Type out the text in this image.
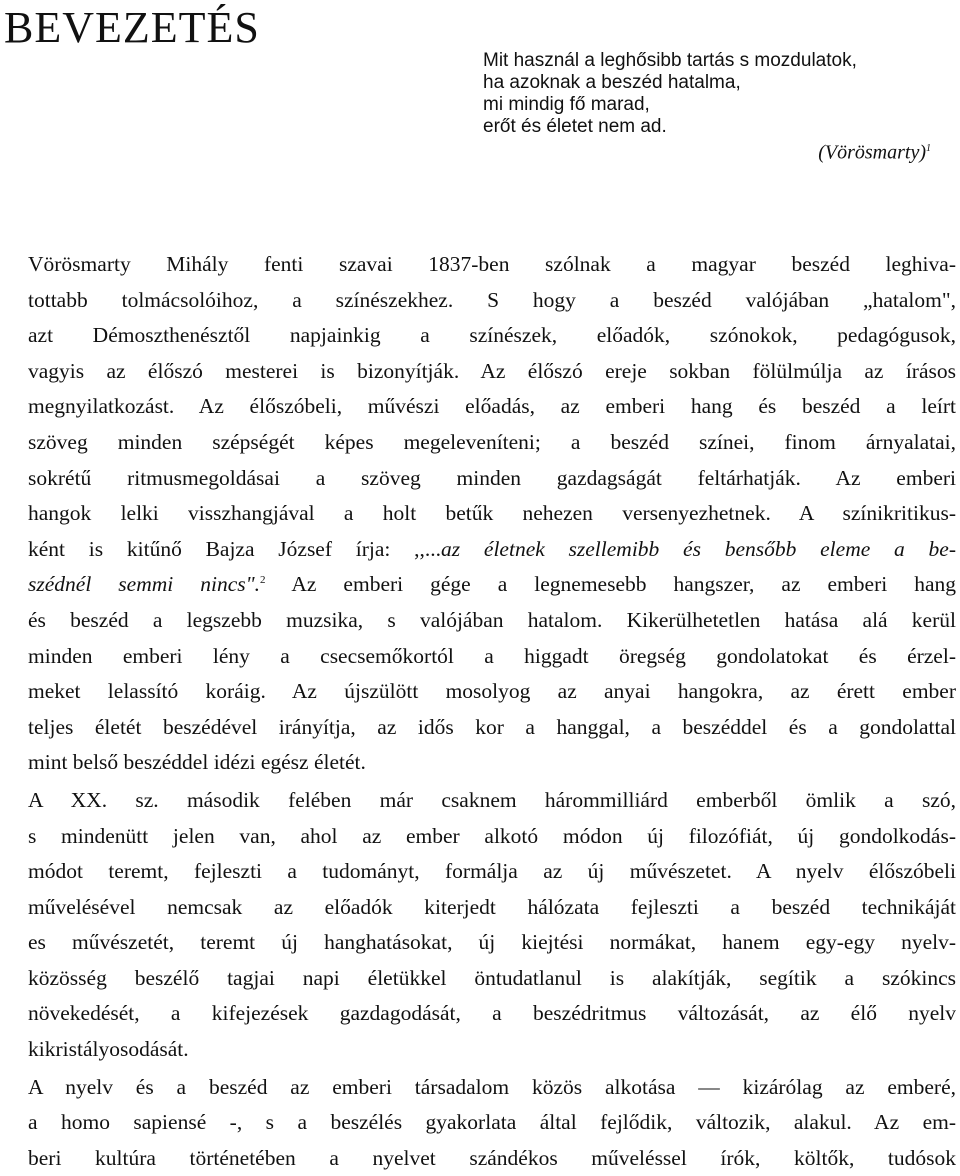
BEVEZETÉS
Mit használ a leghősibb tartás s mozdulatok,
ha azoknak a beszéd hatalma,
mi mindig fő marad,
erőt és életet nem ad.
(Vörösmarty)$^1$

Vörösmarty Mihály fenti szavai 1837-ben szólnak a magyar beszéd leghiva-
tottabb tolmácsolóihoz, a színészekhez. S hogy a beszéd valójában „hatalom",
azt Démoszthenésztől napjainkig a színészek, előadók, szónokok, pedagógusok,
vagyis az élőszó mesterei is bizonyítják. Az élőszó ereje sokban fölülmúlja az írásos
megnyilatkozást. Az élőszóbeli, művészi előadás, az emberi hang és beszéd a leírt
szöveg minden szépségét képes megeleveníteni; a beszéd színei, finom árnyalatai,
sokrétű ritmusmegoldásai a szöveg minden gazdagságát feltárhatják. Az emberi
hangok lelki visszhangjával a holt betűk nehezen versenyezhetnek. A színikritikus-
ként is kitűnő Bajza József írja: ,,...az életnek szellemibb és bensőbb eleme a be-
szédnél semmi nincs".$^2$ Az emberi gége a legnemesebb hangszer, az emberi hang
és beszéd a legszebb muzsika, s valójában hatalom. Kikerülhetetlen hatása alá kerül
minden emberi lény a csecsemőkortól a higgadt öregség gondolatokat és érzel-
meket lelassító koráig. Az újszülött mosolyog az anyai hangokra, az érett ember
teljes életét beszédével irányítja, az idős kor a hanggal, a beszéddel és a gondolattal
mint belső beszéddel idézi egész életét.

A XX. sz. második felében már csaknem hárommilliárd emberből ömlik a szó,
s mindenütt jelen van, ahol az ember alkotó módon új filozófiát, új gondolkodás-
módot teremt, fejleszti a tudományt, formálja az új művészetet. A nyelv élőszóbeli
művelésével nemcsak az előadók kiterjedt hálózata fejleszti a beszéd technikáját
es művészetét, teremt új hanghatásokat, új kiejtési normákat, hanem egy-egy nyelv-
közösség beszélő tagjai napi életükkel öntudatlanul is alakítják, segítik a szókincs
növekedését, a kifejezések gazdagodását, a beszédritmus változását, az élő nyelv
kikristályosodását.

A nyelv és a beszéd az emberi társadalom közös alkotása — kizárólag az emberé,
a homo sapiensé -, s a beszélés gyakorlata által fejlődik, változik, alakul. Az em-
beri kultúra történetében a nyelvet szándékos műveléssel írók, költők, tudósok
